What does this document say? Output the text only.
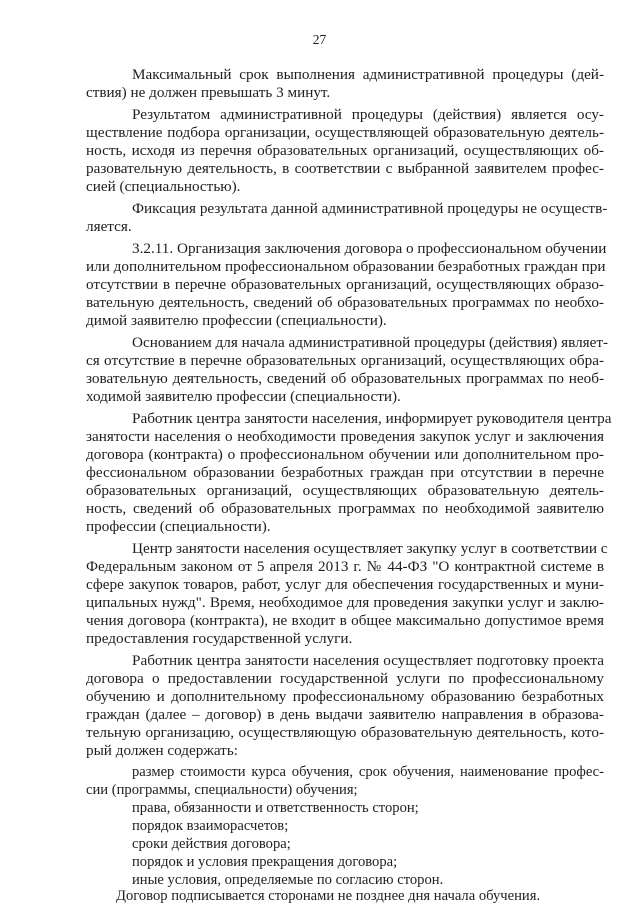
27
Максимальный срок выполнения административной процедуры (дей-
ствия) не должен превышать 3 минут.
Результатом административной процедуры (действия) является осу-
ществление подбора организации, осуществляющей образовательную деятель-
ность, исходя из перечня образовательных организаций, осуществляющих об-
разовательную деятельность, в соответствии с выбранной заявителем профес-
сией (специальностью).
Фиксация результата данной административной процедуры не осуществ-
ляется.
3.2.11. Организация заключения договора о профессиональном обучении
или дополнительном профессиональном образовании безработных граждан при
отсутствии в перечне образовательных организаций, осуществляющих образо-
вательную деятельность, сведений об образовательных программах по необхо-
димой заявителю профессии (специальности).
Основанием для начала административной процедуры (действия) являет-
ся отсутствие в перечне образовательных организаций, осуществляющих обра-
зовательную деятельность, сведений об образовательных программах по необ-
ходимой заявителю профессии (специальности).
Работник центра занятости населения, информирует руководителя центра
занятости населения о необходимости проведения закупок услуг и заключения
договора (контракта) о профессиональном обучении или дополнительном про-
фессиональном образовании безработных граждан при отсутствии в перечне
образовательных организаций, осуществляющих образовательную деятель-
ность, сведений об образовательных программах по необходимой заявителю
профессии (специальности).
Центр занятости населения осуществляет закупку услуг в соответствии с
Федеральным законом от 5 апреля 2013 г. № 44-ФЗ "О контрактной системе в
сфере закупок товаров, работ, услуг для обеспечения государственных и муни-
ципальных нужд". Время, необходимое для проведения закупки услуг и заклю-
чения договора (контракта), не входит в общее максимально допустимое время
предоставления государственной услуги.
Работник центра занятости населения осуществляет подготовку проекта
договора о предоставлении государственной услуги по профессиональному
обучению и дополнительному профессиональному образованию безработных
граждан (далее – договор) в день выдачи заявителю направления в образова-
тельную организацию, осуществляющую образовательную деятельность, кото-
рый должен содержать:
размер стоимости курса обучения, срок обучения, наименование профес-
сии (программы, специальности) обучения;
права, обязанности и ответственность сторон;
порядок взаиморасчетов;
сроки действия договора;
порядок и условия прекращения договора;
иные условия, определяемые по согласию сторон.
Договор подписывается сторонами не позднее дня начала обучения.
